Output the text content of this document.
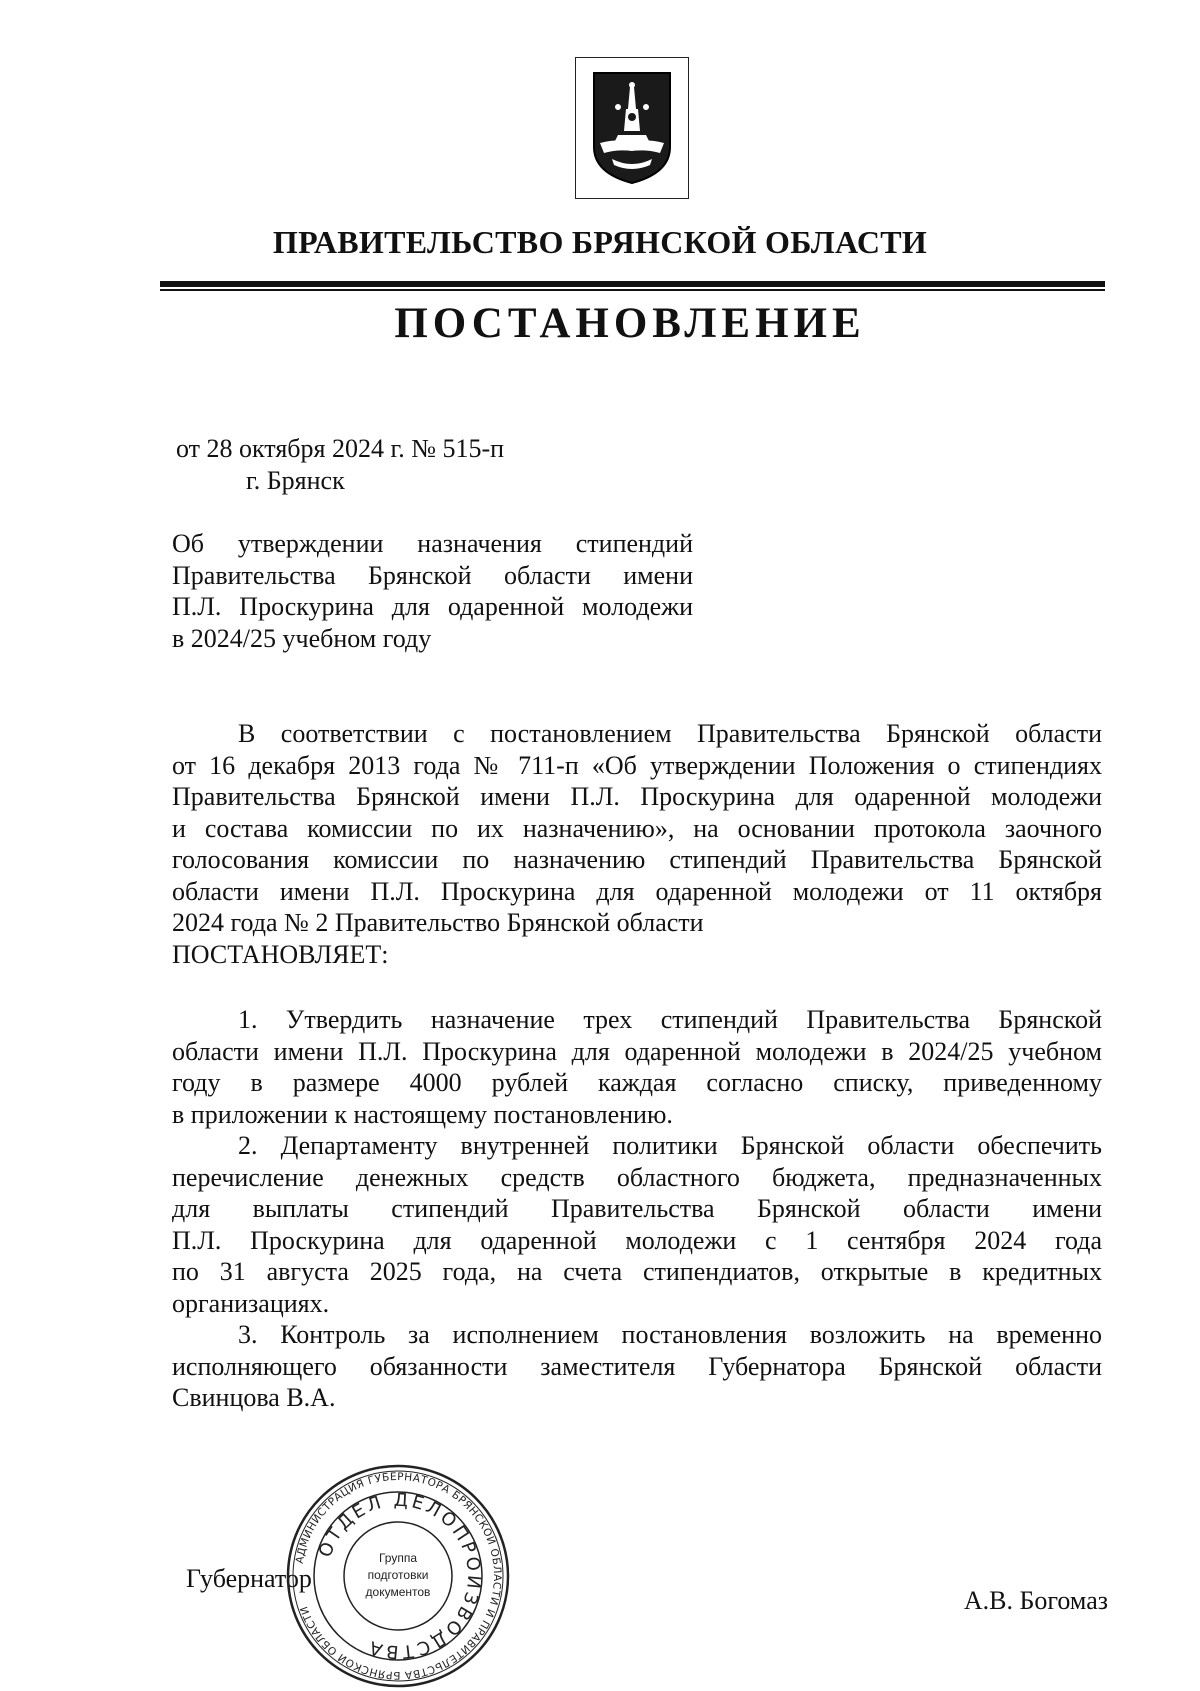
ПРАВИТЕЛЬСТВО БРЯНСКОЙ ОБЛАСТИ
ПОСТАНОВЛЕНИЕ
от 28 октября 2024 г. № 515-п
г. Брянск
Об утверждении назначения стипендий
Правительства Брянской области имени
П.Л. Проскурина для одаренной молодежи
в 2024/25 учебном году
В соответствии с постановлением Правительства Брянской области
от 16 декабря 2013 года № 711-п «Об утверждении Положения о стипендиях
Правительства Брянской имени П.Л. Проскурина для одаренной молодежи
и состава комиссии по их назначению», на основании протокола заочного
голосования комиссии по назначению стипендий Правительства Брянской
области имени П.Л. Проскурина для одаренной молодежи от 11 октября
2024 года № 2 Правительство Брянской области
ПОСТАНОВЛЯЕТ:
1. Утвердить назначение трех стипендий Правительства Брянской
области имени П.Л. Проскурина для одаренной молодежи в 2024/25 учебном
году в размере 4000 рублей каждая согласно списку, приведенному
в приложении к настоящему постановлению.
2. Департаменту внутренней политики Брянской области обеспечить
перечисление денежных средств областного бюджета, предназначенных
для выплаты стипендий Правительства Брянской области имени
П.Л. Проскурина для одаренной молодежи с 1 сентября 2024 года
по 31 августа 2025 года, на счета стипендиатов, открытые в кредитных
организациях.
3. Контроль за исполнением постановления возложить на временно
исполняющего обязанности заместителя Губернатора Брянской области
Свинцова В.А.
Губернатор
А.В. Богомаз
АДМИНИСТРАЦИЯ ГУБЕРНАТОРА БРЯНСКОЙ ОБЛАСТИ И ПРАВИТЕЛЬСТВА БРЯНСКОЙ ОБЛАСТИ
ОТДЕЛ ДЕЛОПРОИЗВОДСТВА
Группа
подготовки
документов
